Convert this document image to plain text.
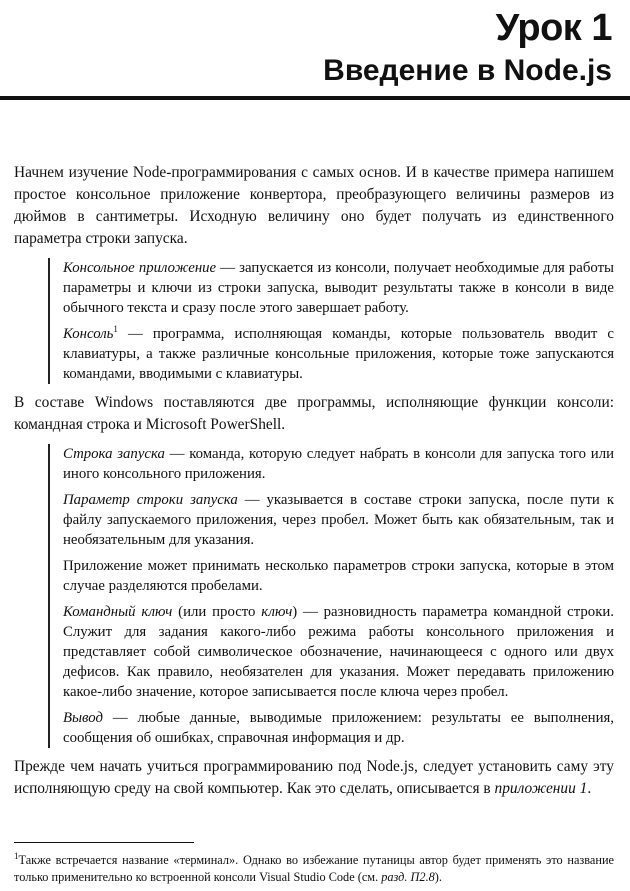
Урок 1
Введение в Node.js

Начнем изучение Node-программирования с самых основ. И в качестве примера напишем простое консольное приложение конвертора, преобразующего величины размеров из дюймов в сантиметры. Исходную величину оно будет получать из единственного параметра строки запуска.

Консольное приложение — запускается из консоли, получает необходимые для работы параметры и ключи из строки запуска, выводит результаты также в консоли в виде обычного текста и сразу после этого завершает работу.

Консоль$^1$ — программа, исполняющая команды, которые пользователь вводит с клавиатуры, а также различные консольные приложения, которые тоже запускаются командами, вводимыми с клавиатуры.

В составе Windows поставляются две программы, исполняющие функции консоли: командная строка и Microsoft PowerShell.

Строка запуска — команда, которую следует набрать в консоли для запуска того или иного консольного приложения.

Параметр строки запуска — указывается в составе строки запуска, после пути к файлу запускаемого приложения, через пробел. Может быть как обязательным, так и необязательным для указания.

Приложение может принимать несколько параметров строки запуска, которые в этом случае разделяются пробелами.

Командный ключ (или просто ключ) — разновидность параметра командной строки. Служит для задания какого-либо режима работы консольного приложения и представляет собой символическое обозначение, начинающееся с одного или двух дефисов. Как правило, необязателен для указания. Может передавать приложению какое-либо значение, которое записывается после ключа через пробел.

Вывод — любые данные, выводимые приложением: результаты ее выполнения, сообщения об ошибках, справочная информация и др.

Прежде чем начать учиться программированию под Node.js, следует установить саму эту исполняющую среду на свой компьютер. Как это сделать, описывается в приложении 1.

$^1$Также встречается название «терминал». Однако во избежание путаницы автор будет применять это название только применительно ко встроенной консоли Visual Studio Code (см. разд. П2.8).
